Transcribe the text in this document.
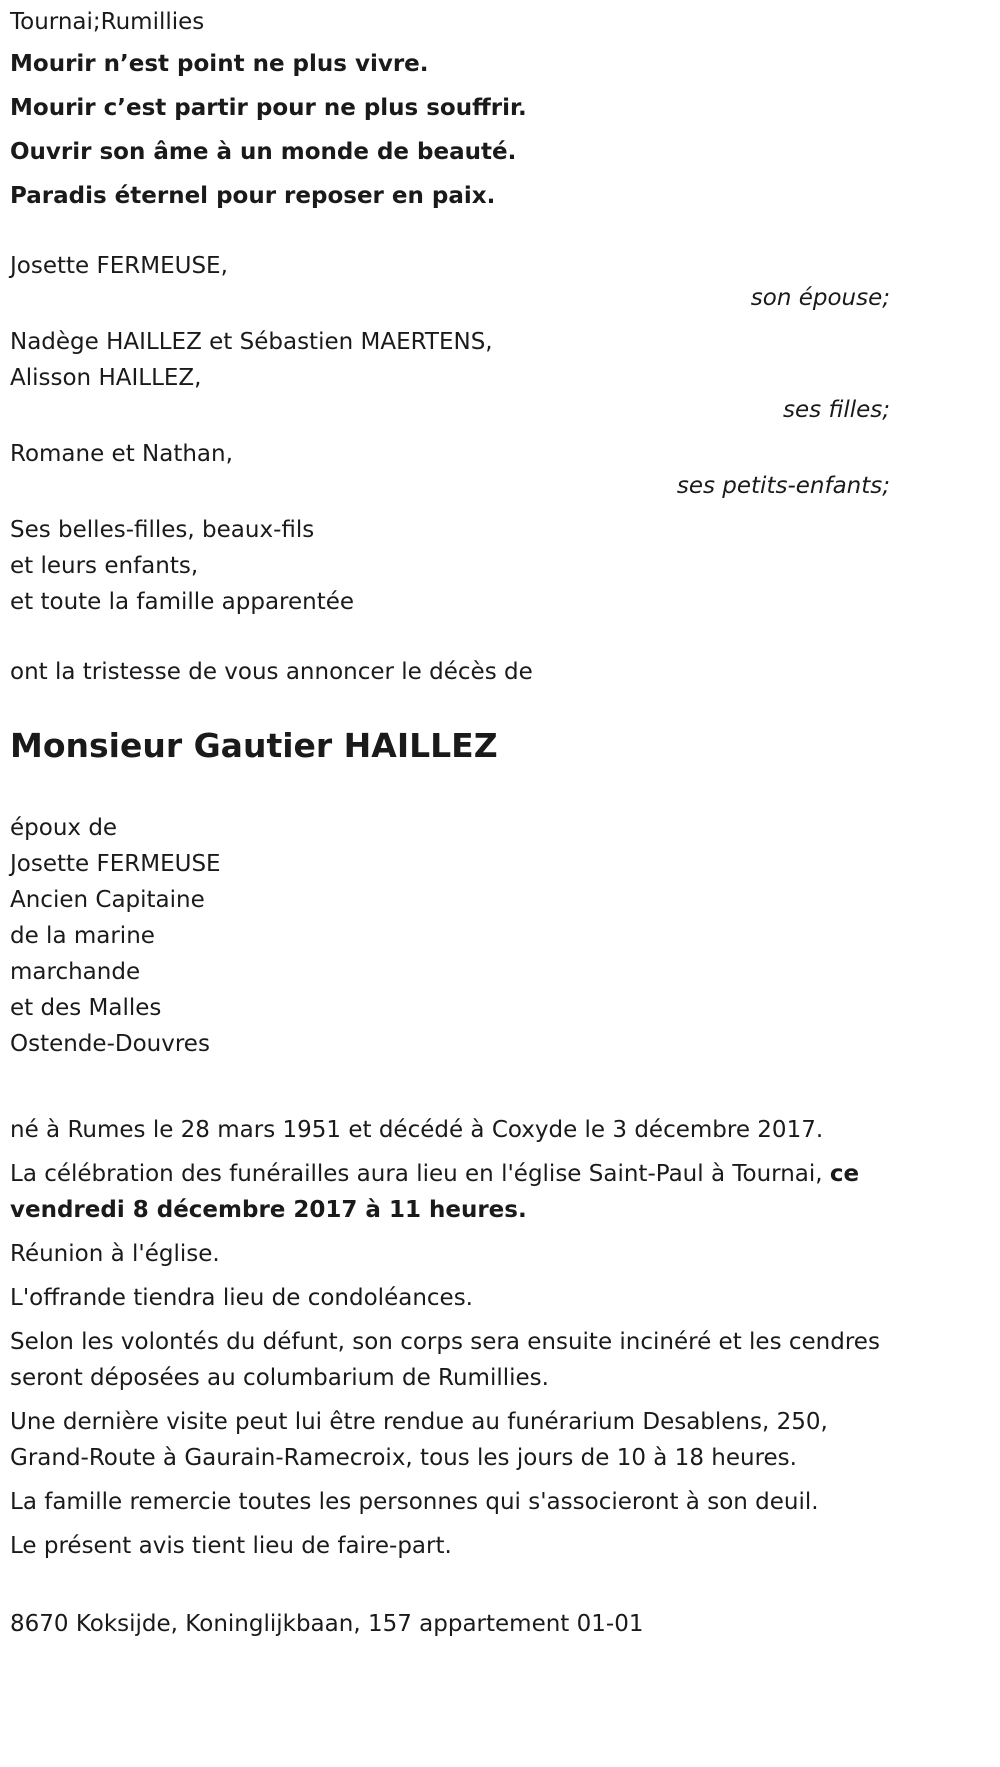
Tournai;Rumillies
Mourir n’est point ne plus vivre.
Mourir c’est partir pour ne plus souffrir.
Ouvrir son âme à un monde de beauté.
Paradis éternel pour reposer en paix.
Josette FERMEUSE,
son épouse;
Nadège HAILLEZ et Sébastien MAERTENS,
Alisson HAILLEZ,
ses filles;
Romane et Nathan,
ses petits-enfants;
Ses belles-filles, beaux-fils
et leurs enfants,
et toute la famille apparentée
ont la tristesse de vous annoncer le décès de
Monsieur Gautier HAILLEZ
époux de
Josette FERMEUSE
Ancien Capitaine
de la marine
marchande
et des Malles
Ostende-Douvres
né à Rumes le 28 mars 1951 et décédé à Coxyde le 3 décembre 2017.
La célébration des funérailles aura lieu en l'église Saint-Paul à Tournai, ce vendredi 8 décembre 2017 à 11 heures.
Réunion à l'église.
L'offrande tiendra lieu de condoléances.
Selon les volontés du défunt, son corps sera ensuite incinéré et les cendres seront déposées au columbarium de Rumillies.
Une dernière visite peut lui être rendue au funérarium Desablens, 250, Grand-Route à Gaurain-Ramecroix, tous les jours de 10 à 18 heures.
La famille remercie toutes les personnes qui s'associeront à son deuil.
Le présent avis tient lieu de faire-part.
8670 Koksijde, Koninglijkbaan, 157 appartement 01-01
